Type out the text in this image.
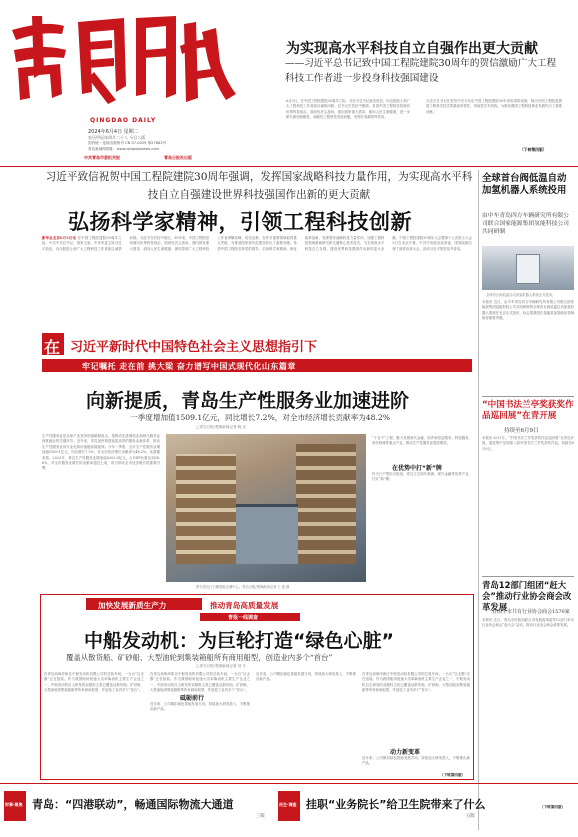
QINGDAO DAILY
2024年6月4日 星期二
农历甲辰年四月二十八 今日八版
国内统一连续出版物号 CN 37-0029 第27662号
青岛新闻网网址：www.qingdaonews.com
中共青岛市委机关报	青岛日报社出版
为实现高水平科技自立自强作出更大贡献
——习近平总书记致中国工程院建院30周年的贺信激励广大工程科技工作者进一步投身科技强国建设
6月3日，在中国工程院建院30周年之际，习近平总书记致信祝贺，向全院院士和广大工程科技工作者致以诚挚问候。总书记在贺信中强调，希望中国工程院坚持面向世界科技前沿、面向经济主战场、面向国家重大需求、面向人民生命健康，进一步研究谋划战略性、前瞻性工程科技发展问题，发挥好高端智库作用。
习近平总书记在贺信中充分肯定中国工程院建院30年来取得的成就，指出中国工程院是我国工程科学技术界最高荣誉性、咨询性学术机构，为推动我国工程科技事业发展作出了重要贡献。
（下转第四版）
习近平致信祝贺中国工程院建院30周年强调，发挥国家战略科技力量作用，为实现高水平科技自立自强建设世界科技强国作出新的更大贡献
弘扬科学家精神，引领工程科技创新
新华社北京6月3日电 在中国工程院建院30周年之际，中共中央总书记、国家主席、中央军委主席习近平致信，向全院院士和广大工程科技工作者致以诚挚问候。习近平在贺信中指出，30年来，中国工程院坚持面向世界科技前沿、面向经济主战场、面向国家重大需求、面向人民生命健康，团结带领广大工程科技工作者勇攀高峰、攻坚克难，在许多重要领域取得重大突破，为推进国家现代化建设作出了重要贡献。希望中国工程院坚持党的领导，弘扬科学家精神，深化改革创新，发挥国家战略科技力量作用，加强工程科技领域基础研究和关键核心技术攻关，为实现高水平科技自立自强、建设世界科技强国作出新的更大贡献。中国工程院建院30周年大会暨第十七次院士大会3日在北京开幕，中共中央政治局常委、国务院副总理丁薛祥出席大会，宣读习近平的贺信并讲话。
全球首台阀低温自动加氢机器人系统投用
由中车青岛四方车辆研究所有限公司联合国家能源集团氢能科技公司共同研制
全球首台阀低温自动加氢机器人系统正式投用。
本报讯 近日，由中车青岛四方车辆研究所有限公司联合国家能源集团氢能科技公司共同研制的全球首台阀低温自动加氢机器人系统在北京正式投用，标志着我国在氢能装备智能化领域取得重要突破。
“中国书法兰亭奖获奖作品巡回展”在青开展
持续至6月9日
本报讯 6月3日，“中国书法兰亭奖获奖作品巡回展”在青岛开展，展览集中呈现第八届中国书法兰亭奖获奖作品，持续至6月9日。
青岛12部门组团“赶大会”推动行业协会商会改革发展
目前全市共有行业协会商会1570家
本报讯 近日，青岛市民政局联合市发展改革委等12部门举办行业协会商会“赶大会”活动，推动行业协会商会改革发展。
（下转第四版）
在 习近平新时代中国特色社会主义思想指引下
牢记嘱托 走在前 挑大梁 奋力谱写中国式现代化山东篇章
向新提质，青岛生产性服务业加速进阶
一季度增加值1509.1亿元，同比增长7.2%，对全市经济增长贡献率为48.2%
□青岛日报/观海新闻记者 姚 沈
生产性服务业是全球产业竞争的战略制高点，是推动先进制造业和现代服务业深度融合的关键环节。近年来，青岛加快构建优质高效的服务业新体系，推动生产性服务业向专业化和价值链高端延伸。今年一季度，全市生产性服务业增加值1509.1亿元，同比增长7.2%，对全市经济增长贡献率为48.2%。从数据来看，2023年，青岛生产性服务业增加值6202.6亿元，占GDP比重达到38.6%，对全市服务业增长的贡献率超过七成，成为带动全市经济增长的重要引擎。
图为青岛日日顺智能仓储中心。青岛日报/观海新闻记者 王 滨 摄
“十百千”工程，聚力发展现代金融、软件和信息服务、科技服务、现代物流等重点产业，推动生产性服务业提质增效。
在优势中打“新”牌
作为门户型综合枢纽，青岛立足现代物流、现代金融等优势产业，打好“新”牌。
加快发展新质生产力	推动青岛高质量发展
青报一线调查
中船发动机：为巨轮打造“绿色心脏”
覆盖从散货船、矿砂船、大型油轮到集装箱船所有商用船型，创造业内多个“首台”
□青岛日报/观海新闻记者 刘 冬
在青岛西海岸新区中船发动机有限公司的总装车间，一台台“巨无霸”正在组装。作为我国船用低速大功率柴油机主要生产企业之一，中船发动机自主研发的双燃料主机已覆盖从散货船、矿砂船、大型油轮到集装箱船等所有商用船型，并创造了业内多个“首台”。
砥砺前行
在青岛西海岸新区中船发动机有限公司的总装车间，一台台“巨无霸”正在组装。作为我国船用低速大功率柴油机主要生产企业之一，中船发动机自主研发的双燃料主机已覆盖从散货船、矿砂船、大型油轮到集装箱船等所有商用船型，并创造了业内多个“首台”。
近年来，公司紧扣绿色智能发展方向，持续加大研发投入，不断推出新产品。
近年来，公司紧扣绿色智能发展方向，持续加大研发投入，不断推出新产品。
动力新变革
在青岛西海岸新区中船发动机有限公司的总装车间，一台台“巨无霸”正在组装。作为我国船用低速大功率柴油机主要生产企业之一，中船发动机自主研发的双燃料主机已覆盖从散货船、矿砂船、大型油轮到集装箱船等所有商用船型，并创造了业内多个“首台”。
近年来，公司紧扣绿色智能发展方向，持续加大研发投入，不断推出新产品。
（下转第四版）
时事·聚焦 青岛：“四港联动”，畅通国际物流大通道
三版
民生·调查 挂职“业务院长”给卫生院带来了什么
五版
